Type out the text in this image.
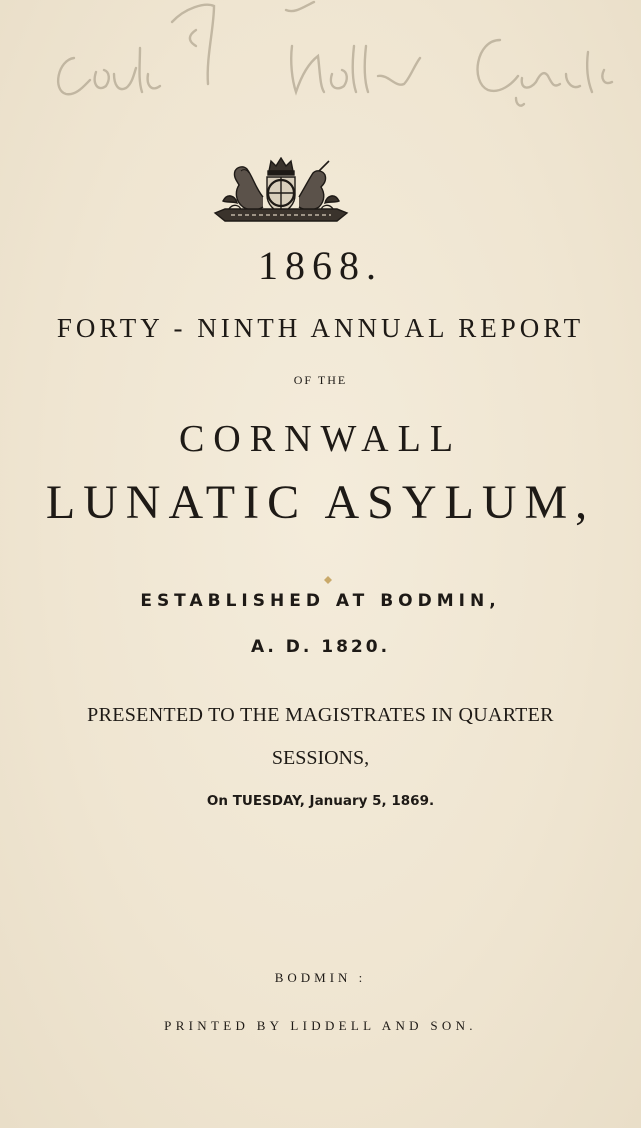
1868.
FORTY - NINTH ANNUAL REPORT
OF THE
CORNWALL
LUNATIC ASYLUM,
ESTABLISHED AT BODMIN,
A. D. 1820.
PRESENTED TO THE MAGISTRATES IN QUARTER
SESSIONS,
On TUESDAY, January 5, 1869.
BODMIN :
PRINTED BY LIDDELL AND SON.
